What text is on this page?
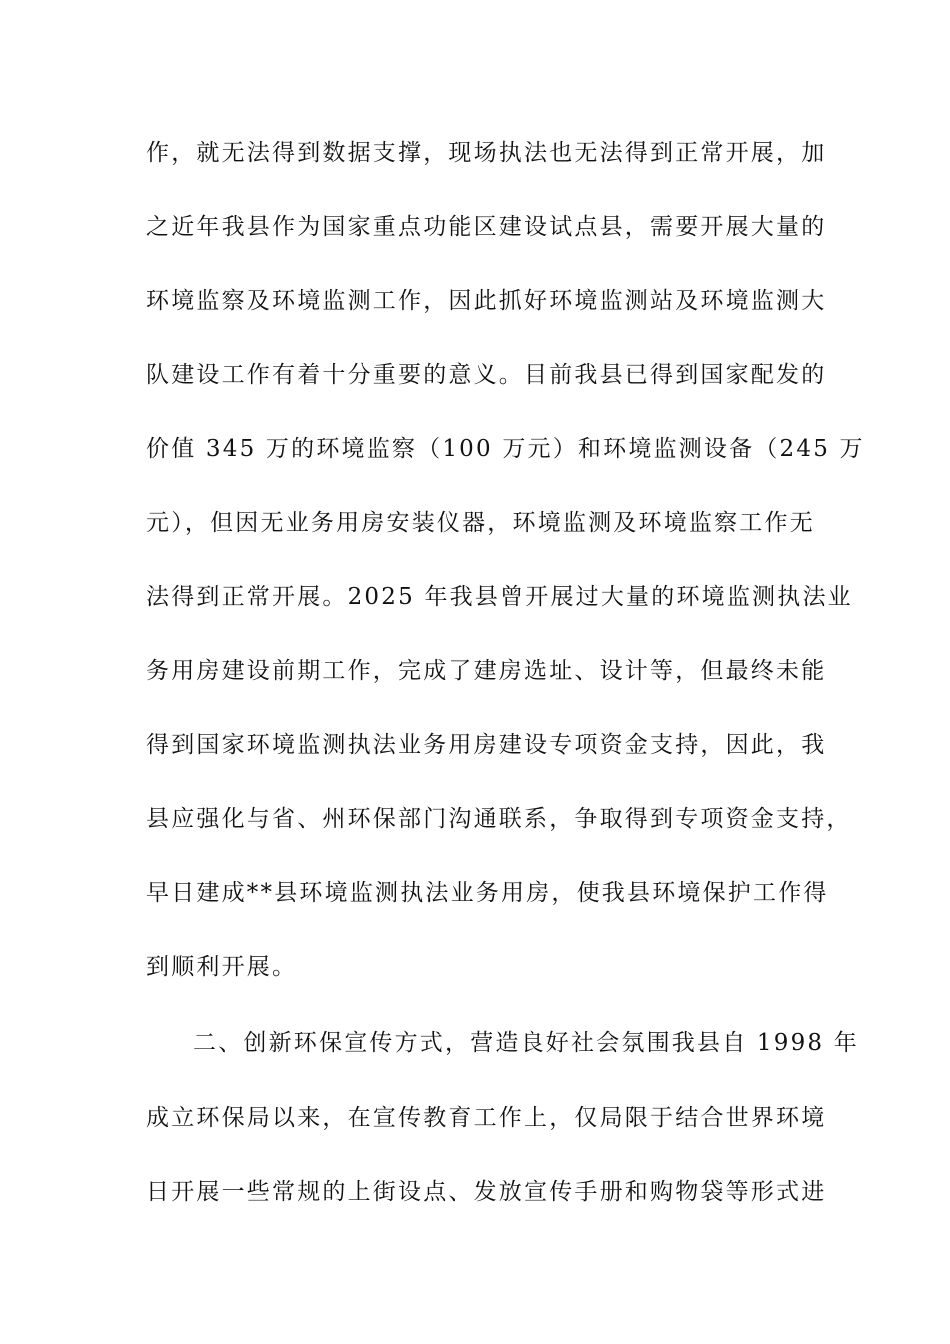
作，就无法得到数据支撑，现场执法也无法得到正常开展，加
之近年我县作为国家重点功能区建设试点县，需要开展大量的
环境监察及环境监测工作，因此抓好环境监测站及环境监测大
队建设工作有着十分重要的意义。目前我县已得到国家配发的
价值 345 万的环境监察（100 万元）和环境监测设备（245 万
元），但因无业务用房安装仪器，环境监测及环境监察工作无
法得到正常开展。2025 年我县曾开展过大量的环境监测执法业
务用房建设前期工作，完成了建房选址、设计等，但最终未能
得到国家环境监测执法业务用房建设专项资金支持，因此，我
县应强化与省、州环保部门沟通联系，争取得到专项资金支持，
早日建成**县环境监测执法业务用房，使我县环境保护工作得
到顺利开展。
二、创新环保宣传方式，营造良好社会氛围我县自 1998 年
成立环保局以来，在宣传教育工作上，仅局限于结合世界环境
日开展一些常规的上街设点、发放宣传手册和购物袋等形式进
